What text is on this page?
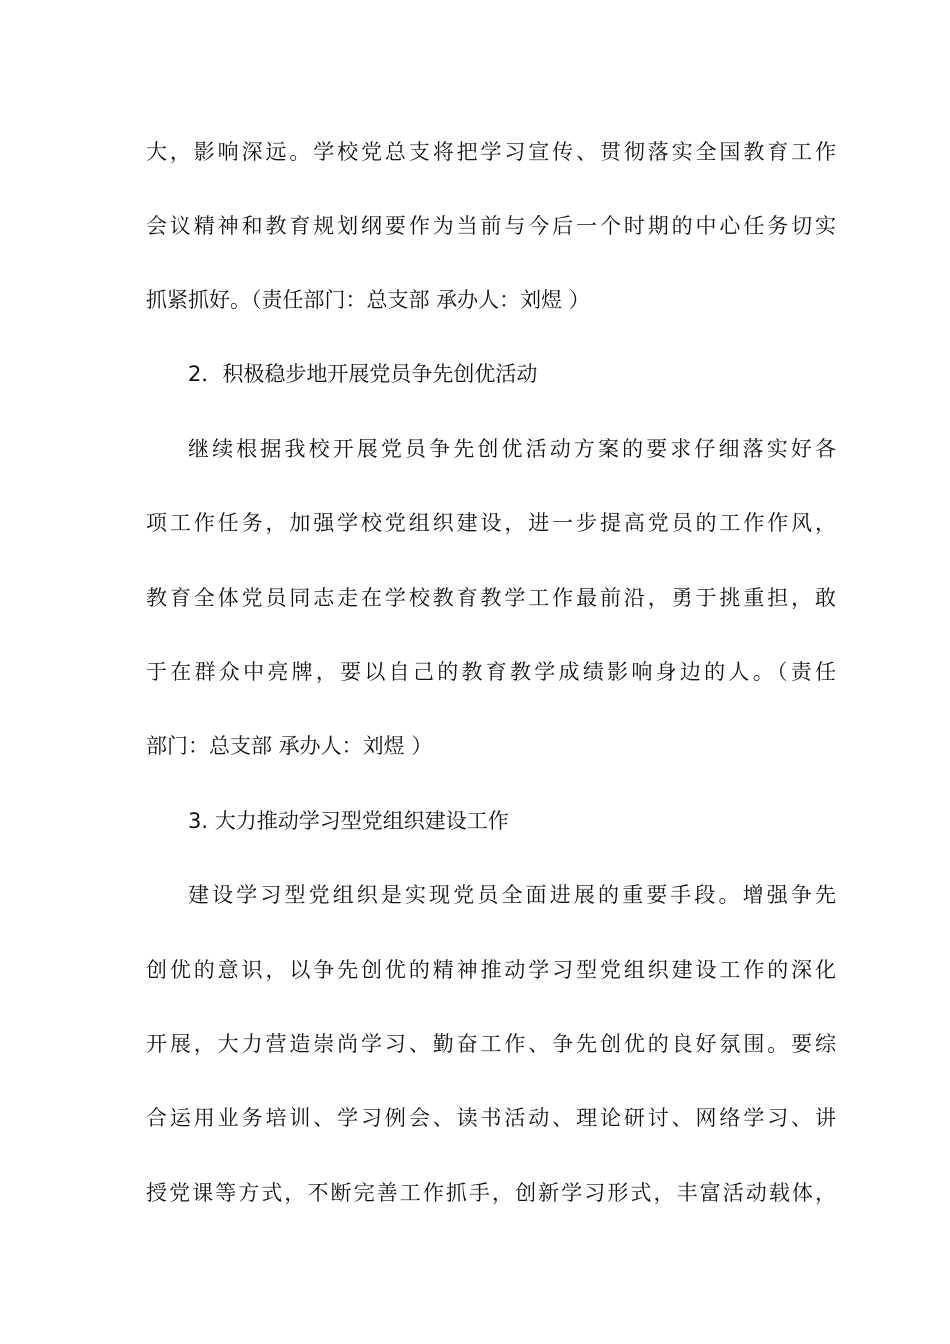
大，影响深远。学校党总支将把学习宣传、贯彻落实全国教育工作
会议精神和教育规划纲要作为当前与今后一个时期的中心任务切实
抓紧抓好。（责任部门：总支部 承办人：刘煜 ）
2．积极稳步地开展党员争先创优活动
继续根据我校开展党员争先创优活动方案的要求仔细落实好各
项工作任务，加强学校党组织建设，进一步提高党员的工作作风，
教育全体党员同志走在学校教育教学工作最前沿，勇于挑重担，敢
于在群众中亮牌，要以自己的教育教学成绩影响身边的人。（责任
部门：总支部 承办人：刘煜 ）
3. 大力推动学习型党组织建设工作
建设学习型党组织是实现党员全面进展的重要手段。增强争先
创优的意识，以争先创优的精神推动学习型党组织建设工作的深化
开展，大力营造崇尚学习、勤奋工作、争先创优的良好氛围。要综
合运用业务培训、学习例会、读书活动、理论研讨、网络学习、讲
授党课等方式，不断完善工作抓手，创新学习形式，丰富活动载体，
